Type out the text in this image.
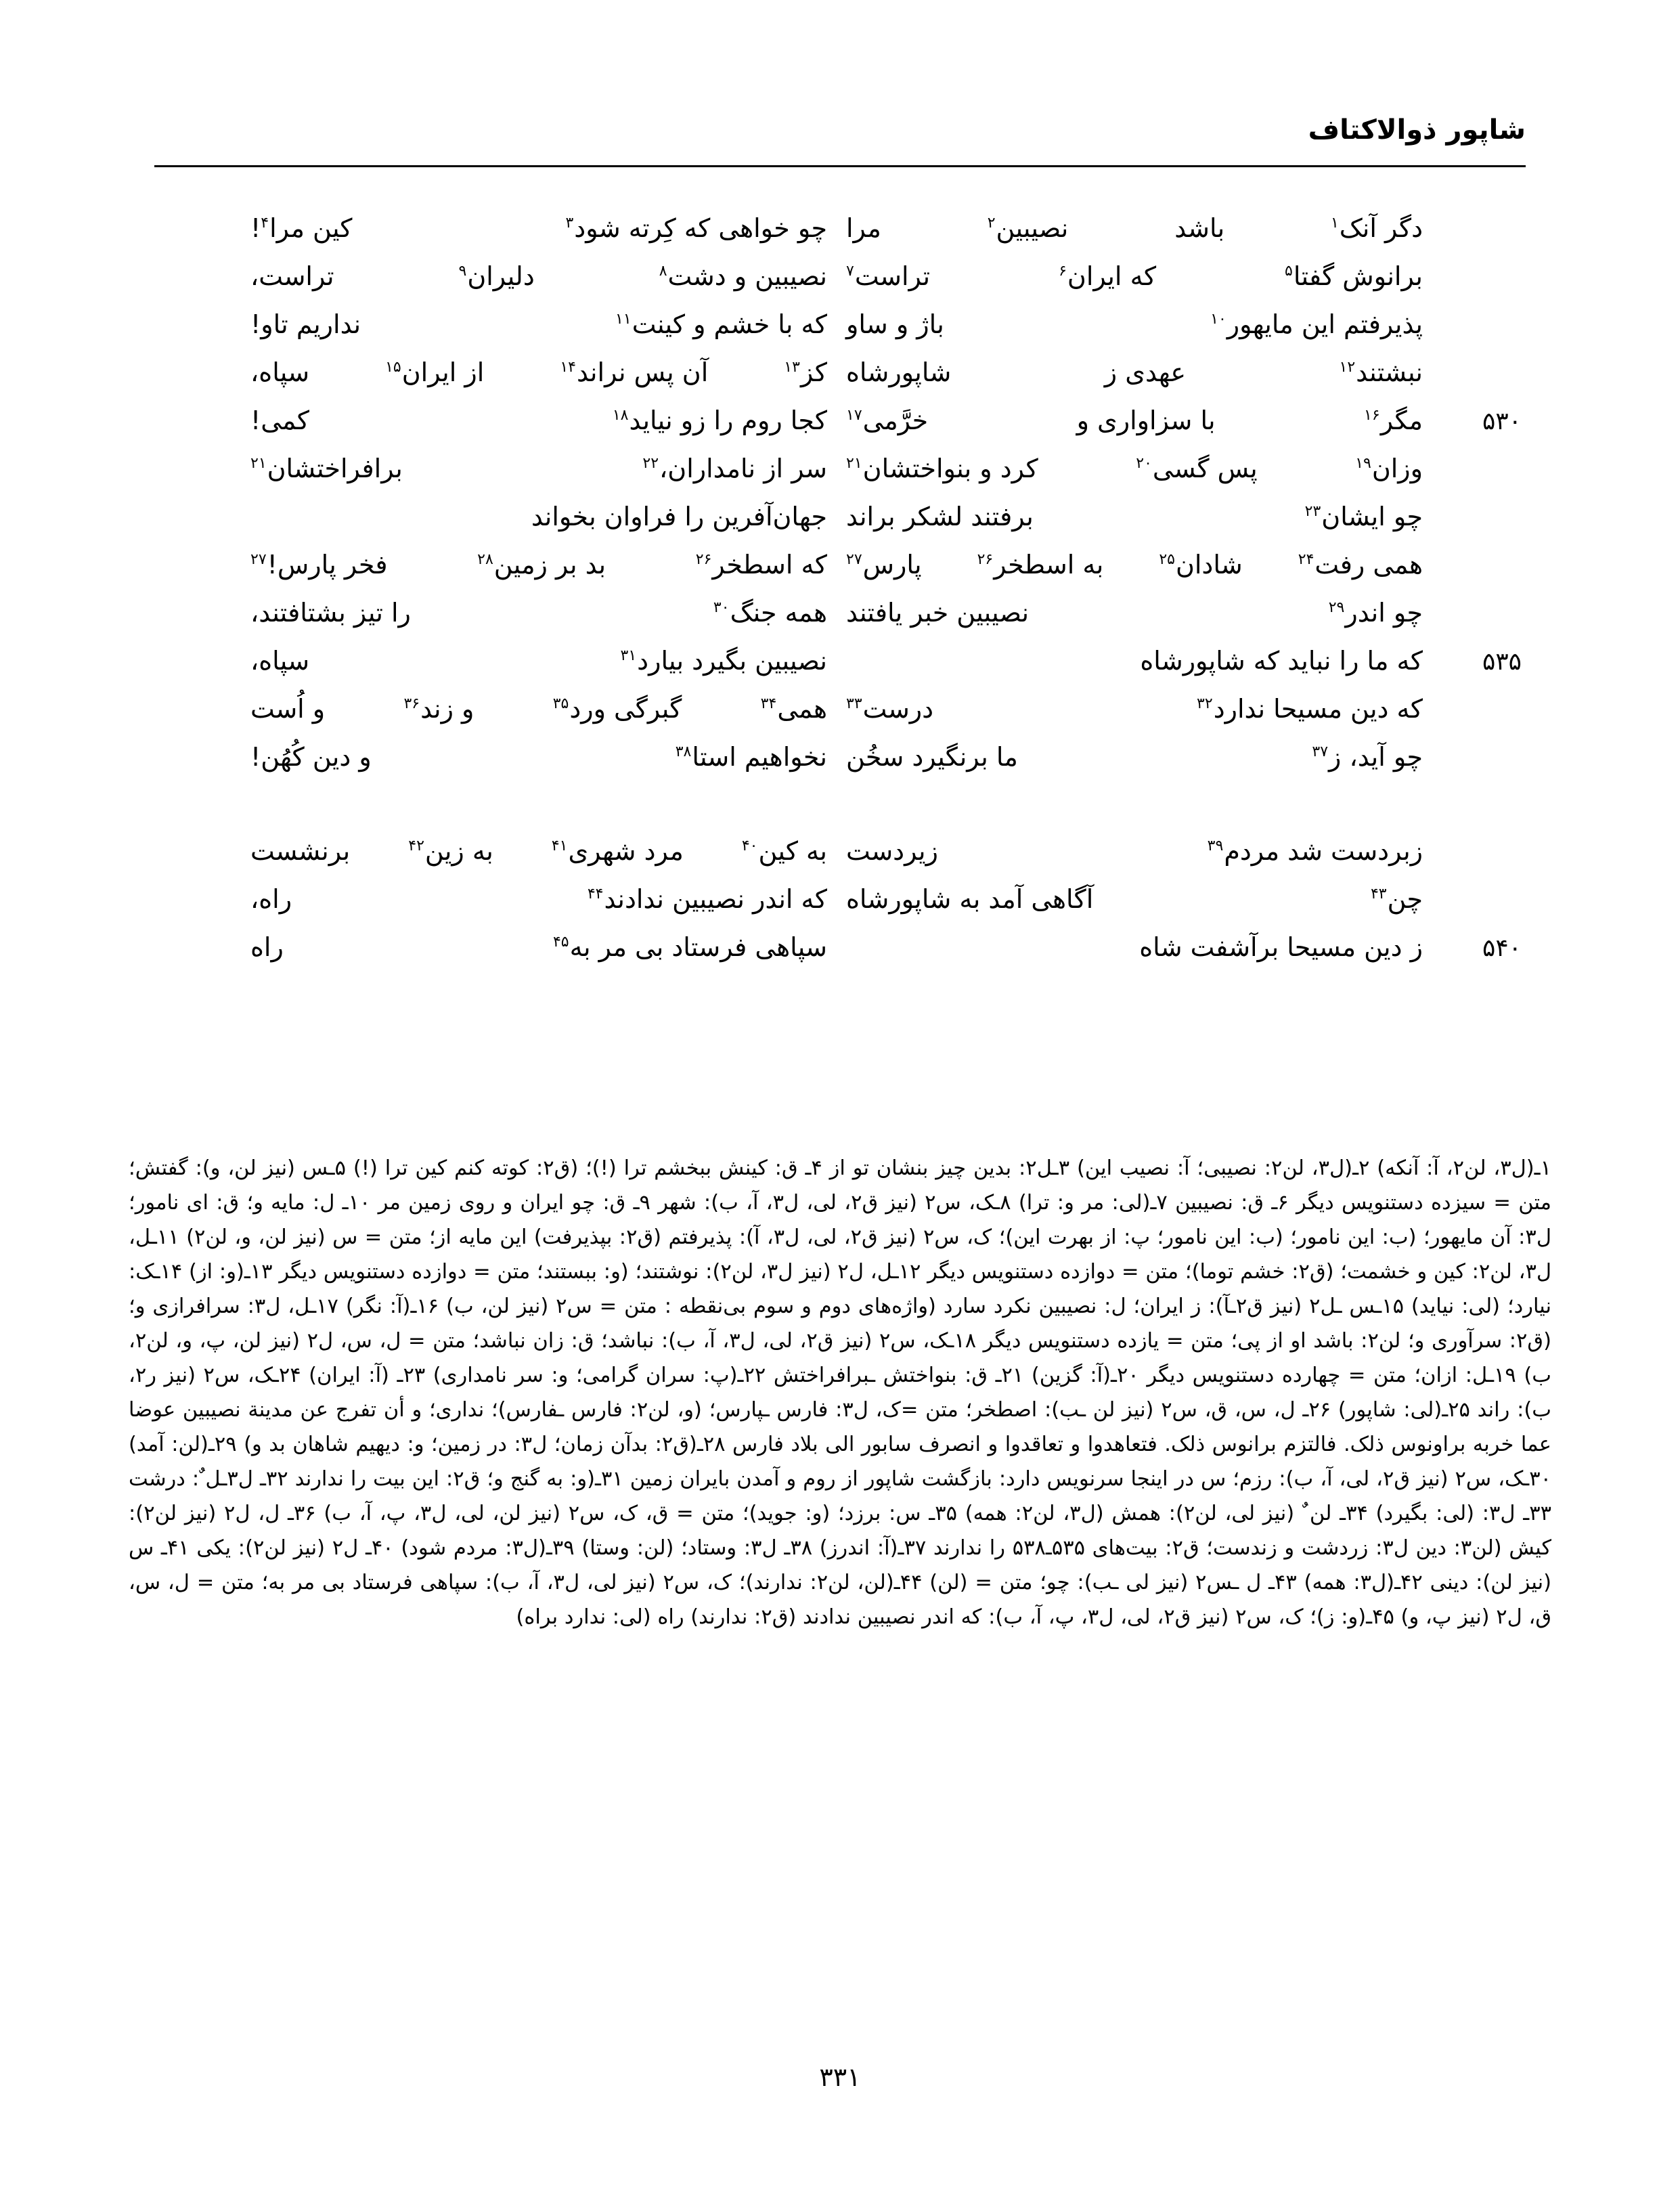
شاپور ذوالاکتاف
دگر آنک$^۱$
باشد
نصیبین$^۲$
مرا
چو خواهی که کِرته شود$^۳$
کین مرا$^۴$!
برانوش گفتا$^۵$
که ایران$^۶$
تراست$^۷$
نصیبین و دشت$^۸$
دلیران$^۹$
تراست،
پذیرفتم این مایهور$^{۱۰}$
باژ و ساو
که با خشم و کینت$^{۱۱}$
نداریم تاو!
نبشتند$^{۱۲}$
عهدی ز
شاپورشاه
کز$^{۱۳}$
آن پس نراند$^{۱۴}$
از ایران$^{۱۵}$
سپاه،
۵۳۰
مگر$^{۱۶}$
با سزاواری و
خرَّمی$^{۱۷}$
کجا روم را زو نیاید$^{۱۸}$
کمی!
وزان$^{۱۹}$
پس گسی$^{۲۰}$
کرد و بنواختشان$^{۲۱}$
سر از نامداران،$^{۲۲}$
برافراختشان$^{۲۱}$
چو ایشان$^{۲۳}$
برفتند لشکر براند
جهان‌آفرین را فراوان بخواند
همی رفت$^{۲۴}$
شادان$^{۲۵}$
به اسطخر$^{۲۶}$
پارس$^{۲۷}$
که اسطخر$^{۲۶}$
بد بر زمین$^{۲۸}$
فخر پارس!$^{۲۷}$
چو اندر$^{۲۹}$
نصیبین خبر یافتند
همه جنگ$^{۳۰}$
را تیز بشتافتند،
۵۳۵
که ما را نباید که شاپورشاه
نصیبین بگیرد بیارد$^{۳۱}$
سپاه،
که دین مسیحا ندارد$^{۳۲}$
درست$^{۳۳}$
همی$^{۳۴}$
گبرگی ورد$^{۳۵}$
و زند$^{۳۶}$
و اُست
چو آید، ز$^{۳۷}$
ما برنگیرد سخُن
نخواهیم استا$^{۳۸}$
و دین کُهُن!
زبردست شد مردم$^{۳۹}$
زیردست
به کین$^{۴۰}$
مرد شهری$^{۴۱}$
به زین$^{۴۲}$
برنشست
چن$^{۴۳}$
آگاهی آمد به شاپورشاه
که اندر نصیبین ندادند$^{۴۴}$
راه،
۵۴۰
ز دین مسیحا برآشفت شاه
سپاهی فرستاد بی مر به$^{۴۵}$
راه

۱ـ(ل٣، لن٢، آ: آنکه) ۲ـ(ل٣، لن٢: نصیبی؛ آ: نصیب این) ۳ـل٢: بدین چیز بنشان تو از ۴ـ ق: کینش ببخشم ترا (!)؛ (ق٢: کوته کنم کین ترا (!) ۵ـس (نیز لن، و): گفتش؛ متن = سیزده دستنویس دیگر ۶ـ ق: نصیبین ۷ـ(لی: مر و: ترا) ۸ـک، س٢ (نیز ق٢، لی، ل٣، آ، ب): شهر ۹ـ ق: چو ایران و روی زمین مر ۱۰ـ ل: مایه و؛ ق: ای نامور؛ ل٣: آن مایهور؛ (ب: این نامور؛ (ب: این نامور؛ پ: از بهرت این)؛ ک، س٢ (نیز ق٢، لی، ل٣، آ): پذیرفتم (ق٢: بپذیرفت) این مایه از؛ متن = س (نیز لن، و، لن٢) ۱۱ـل، ل٣، لن٢: کین و خشمت؛ (ق٢: خشم توما)؛ متن = دوازده دستنویس دیگر ۱۲ـل، ل٢ (نیز ل٣، لن٢): نوشتند؛ (و: ببستند؛ متن = دوازده دستنویس دیگر ۱۳ـ(و: از) ۱۴ـک: نیارد؛ (لی: نیاید) ۱۵ـس ـل٢ (نیز ق٢ـآ): ز ایران؛ ل: نصیبین نکرد سارد (واژه‌های دوم و سوم بی‌نقطه : متن = س٢ (نیز لن، ب) ۱۶ـ(آ: نگر) ۱۷ـل، ل٣: سرافرازی و؛ (ق٢: سرآوری و؛ لن٢: باشد او از پی؛ متن = یازده دستنویس دیگر ۱۸ـک، س٢ (نیز ق٢، لی، ل٣، آ، ب): نباشد؛ ق: زان نباشد؛ متن = ل، س، ل٢ (نیز لن، پ، و، لن٢، ب) ۱۹ـل: ازان؛ متن = چهارده دستنویس دیگر ۲۰ـ(آ: گزین) ۲۱ـ ق: بنواختش ـبرافراختش ۲۲ـ(پ: سران گرامی؛ و: سر نامداری) ۲۳ـ (آ: ایران) ۲۴ـک، س٢ (نیز ر٢، ب): راند ۲۵ـ(لی: شاپور) ۲۶ـ ل، س، ق، س٢ (نیز لن ـب): اصطخر؛ متن =ک، ل٣: فارس ـپارس؛ (و، لن٢: فارس ـفارس)؛ نداری؛ و أن تفرج عن مدینة نصیبین عوضا عما خربه براونوس ذلک. فالتزم برانوس ذلک. فتعاهدوا و تعاقدوا و انصرف سابور الی بلاد فارس ۲۸ـ(ق٢: بدآن زمان؛ ل٣: در زمین؛ و: دیهیم شاهان بد و) ۲۹ـ(لن: آمد) ۳۰ـک، س٢ (نیز ق٢، لی، آ، ب): رزم؛ س در اینجا سرنویس دارد: بازگشت شاپور از روم و آمدن بایران زمین ۳۱ـ(و: به گنج و؛ ق٢: این بیت را ندارند ۳۲ـ ل٣ـل ٌ: درشت ۳۳ـ ل٣: (لی: بگیرد) ۳۴ـ لن ٌ (نیز لی، لن٢): همش (ل٣، لن٢: همه) ۳۵ـ س: برزد؛ (و: جوید)؛ متن = ق، ک، س٢ (نیز لن، لی، ل٣، پ، آ، ب) ۳۶ـ ل، ل٢ (نیز لن٢): کیش (لن٣: دین ل٣: زردشت و زندست؛ ق٢: بیت‌های ۵۳۵ـ۵۳۸ را ندارند ۳۷ـ(آ: اندرز) ۳۸ـ ل٣: وستاد؛ (لن: وستا) ۳۹ـ(ل٣: مردم شود) ۴۰ـ ل٢ (نیز لن٢): یکی ۴۱ـ س (نیز لن): دینی ۴۲ـ(ل٣: همه) ۴۳ـ ل ـس٢ (نیز لی ـب): چو؛ متن = (لن) ۴۴ـ(لن، لن٢: ندارند)؛ ک، س٢ (نیز لی، ل٣، آ، ب): سپاهی فرستاد بی مر به؛ متن = ل، س، ق، ل٢ (نیز پ، و) ۴۵ـ(و: ز)؛ ک، س٢ (نیز ق٢، لی، ل٣، پ، آ، ب): که اندر نصیبین ندادند (ق٢: ندارند) راه (لی: ندارد براه)

۳۳۱
